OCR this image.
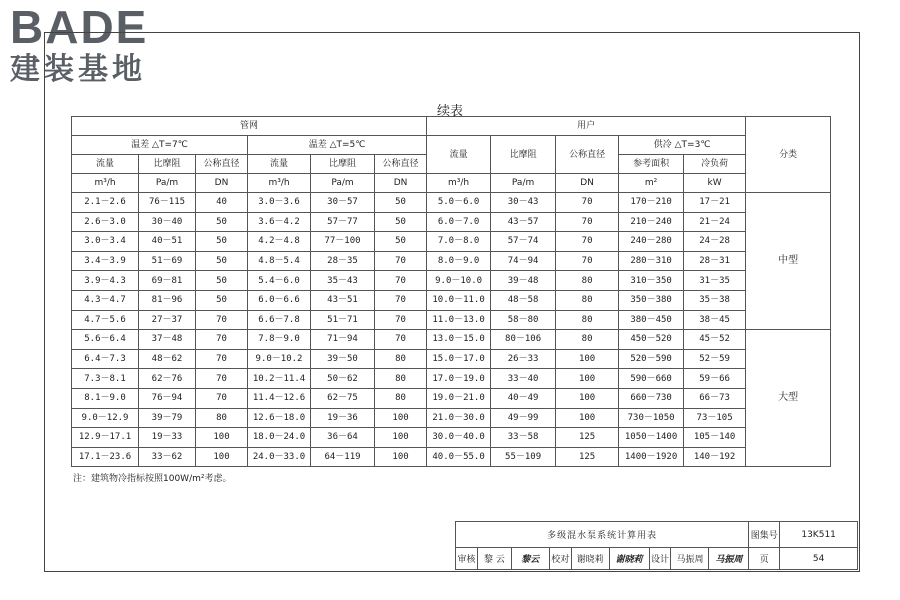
BADE
建装基地
续表
管网						用户					分类
温差 △T=7℃			温差 △T=5℃			流量	比摩阻	公称直径	供冷 △T=3℃		
流量	比摩阻	公称直径	流量	比摩阻	公称直径				参考面积	冷负荷	
m³/h	Pa/m	DN	m³/h	Pa/m	DN	m³/h	Pa/m	DN	m²	kW	
2.1－2.6	76－115	40	3.0－3.6	30－57	50	5.0－6.0	30－43	70	170－210	17－21	中型
2.6－3.0	30－40	50	3.6－4.2	57－77	50	6.0－7.0	43－57	70	210－240	21－24	
3.0－3.4	40－51	50	4.2－4.8	77－100	50	7.0－8.0	57－74	70	240－280	24－28	
3.4－3.9	51－69	50	4.8－5.4	28－35	70	8.0－9.0	74－94	70	280－310	28－31	
3.9－4.3	69－81	50	5.4－6.0	35－43	70	9.0－10.0	39－48	80	310－350	31－35	
4.3－4.7	81－96	50	6.0－6.6	43－51	70	10.0－11.0	48－58	80	350－380	35－38	
4.7－5.6	27－37	70	6.6－7.8	51－71	70	11.0－13.0	58－80	80	380－450	38－45	
5.6－6.4	37－48	70	7.8－9.0	71－94	70	13.0－15.0	80－106	80	450－520	45－52	大型
6.4－7.3	48－62	70	9.0－10.2	39－50	80	15.0－17.0	26－33	100	520－590	52－59	
7.3－8.1	62－76	70	10.2－11.4	50－62	80	17.0－19.0	33－40	100	590－660	59－66	
8.1－9.0	76－94	70	11.4－12.6	62－75	80	19.0－21.0	40－49	100	660－730	66－73	
9.0－12.9	39－79	80	12.6－18.0	19－36	100	21.0－30.0	49－99	100	730－1050	73－105	
12.9－17.1	19－33	100	18.0－24.0	36－64	100	30.0－40.0	33－58	125	1050－1400	105－140	
17.1－23.6	33－62	100	24.0－33.0	64－119	100	40.0－55.0	55－109	125	1400－1920	140－192	
注：建筑物冷指标按照100W/m²考虑。
多级混水泵系统计算用表									图集号	13K511
审核	黎 云	黎云	校对	谢晓莉	谢晓莉	设计	马振周	马振周	页	54
